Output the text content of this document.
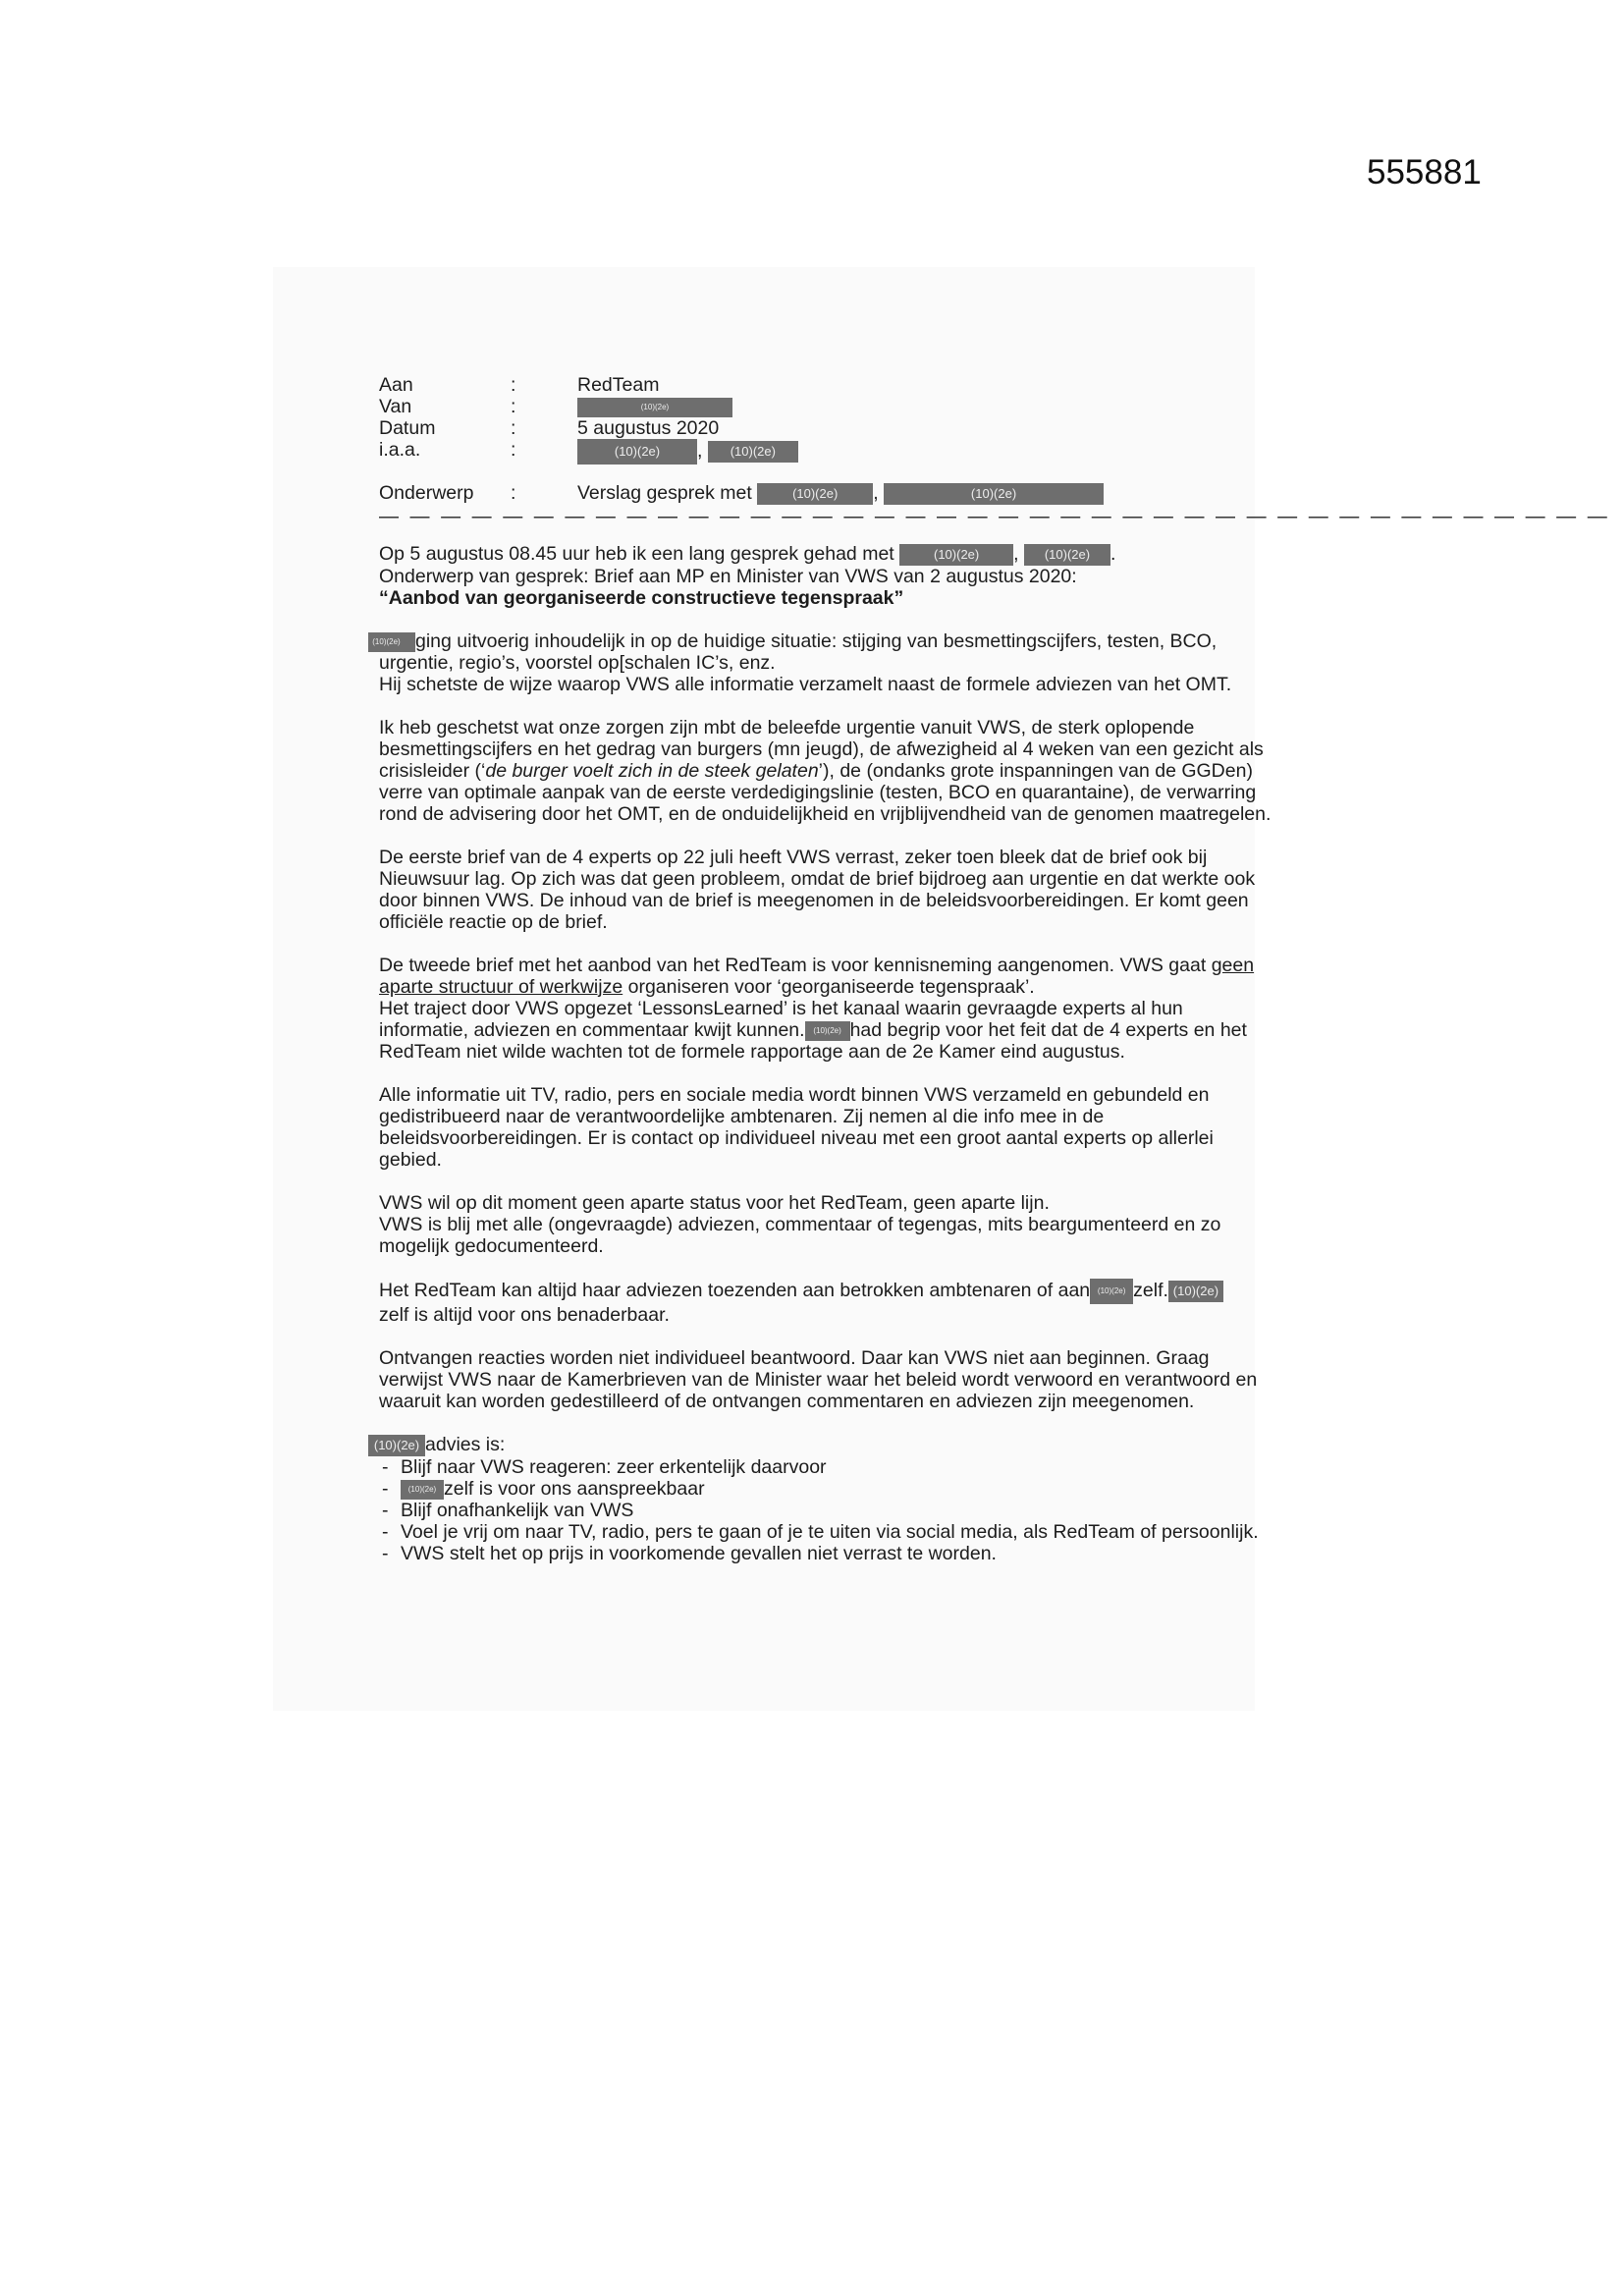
555881
Aan	:	RedTeam
Van	:	(10)(2e)
Datum	:	5 augustus 2020
i.a.a.	:	(10)(2e) , (10)(2e)
Onderwerp :	Verslag gesprek met	(10)(2e) ,	(10)(2e)
— — — — — — — — — — — — — — — — — — — — — — — — — — — — — — — — — — — — — — — —

Op 5 augustus 08.45 uur heb ik een lang gesprek gehad met	(10)(2e) , (10)(2e) .
Onderwerp van gesprek: Brief aan MP en Minister van VWS van 2 augustus 2020:
“Aanbod van georganiseerde constructieve tegenspraak”

(10)(2e) ging uitvoerig inhoudelijk in op de huidige situatie: stijging van besmettingscijfers, testen, BCO, urgentie, regio’s, voorstel op[schalen IC’s, enz.
Hij schetste de wijze waarop VWS alle informatie verzamelt naast de formele adviezen van het OMT.

Ik heb geschetst wat onze zorgen zijn mbt de beleefde urgentie vanuit VWS, de sterk oplopende besmettingscijfers en het gedrag van burgers (mn jeugd), de afwezigheid al 4 weken van een gezicht als crisisleider (‘de burger voelt zich in de steek gelaten’), de (ondanks grote inspanningen van de GGDen) verre van optimale aanpak van de eerste verdedigingslinie (testen, BCO en quarantaine), de verwarring rond de advisering door het OMT, en de onduidelijkheid en vrijblijvendheid van de genomen maatregelen.

De eerste brief van de 4 experts op 22 juli heeft VWS verrast, zeker toen bleek dat de brief ook bij Nieuwsuur lag. Op zich was dat geen probleem, omdat de brief bijdroeg aan urgentie en dat werkte ook door binnen VWS. De inhoud van de brief is meegenomen in de beleidsvoorbereidingen. Er komt geen officiële reactie op de brief.

De tweede brief met het aanbod van het RedTeam is voor kennisneming aangenomen. VWS gaat geen aparte structuur of werkwijze organiseren voor ‘georganiseerde tegenspraak’.
Het traject door VWS opgezet ‘LessonsLearned’ is het kanaal waarin gevraagde experts al hun informatie, adviezen en commentaar kwijt kunnen. (10)(2e) had begrip voor het feit dat de 4 experts en het RedTeam niet wilde wachten tot de formele rapportage aan de 2e Kamer eind augustus.

Alle informatie uit TV, radio, pers en sociale media wordt binnen VWS verzameld en gebundeld en gedistribueerd naar de verantwoordelijke ambtenaren. Zij nemen al die info mee in de beleidsvoorbereidingen. Er is contact op individueel niveau met een groot aantal experts op allerlei gebied.

VWS wil op dit moment geen aparte status voor het RedTeam, geen aparte lijn.
VWS is blij met alle (ongevraagde) adviezen, commentaar of tegengas, mits beargumenteerd en zo mogelijk gedocumenteerd.

Het RedTeam kan altijd haar adviezen toezenden aan betrokken ambtenaren of aan (10)(2e) zelf. (10)(2e)
zelf is altijd voor ons benaderbaar.

Ontvangen reacties worden niet individueel beantwoord. Daar kan VWS niet aan beginnen. Graag verwijst VWS naar de Kamerbrieven van de Minister waar het beleid wordt verwoord en verantwoord en waaruit kan worden gedestilleerd of de ontvangen commentaren en adviezen zijn meegenomen.

(10)(2e) advies is:
- Blijf naar VWS reageren: zeer erkentelijk daarvoor
- (10)(2e) zelf is voor ons aanspreekbaar
- Blijf onafhankelijk van VWS
- Voel je vrij om naar TV, radio, pers te gaan of je te uiten via social media, als RedTeam of persoonlijk.
- VWS stelt het op prijs in voorkomende gevallen niet verrast te worden.
